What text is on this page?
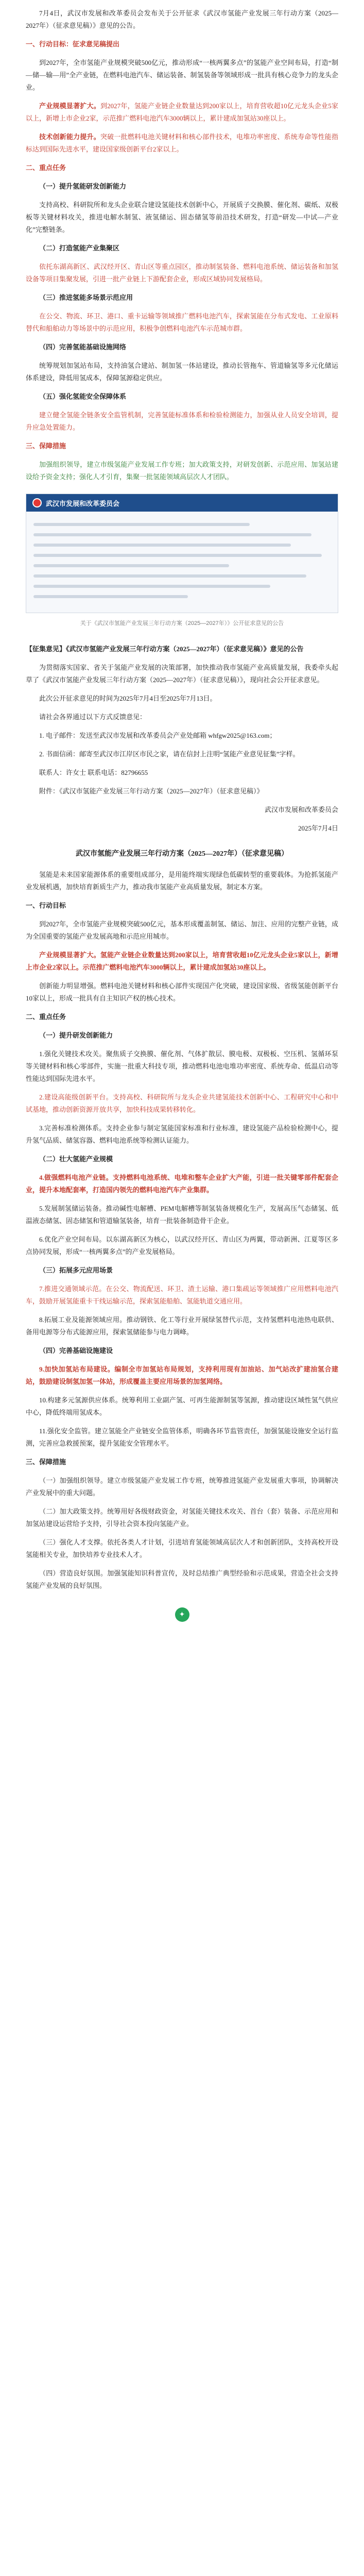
7月4日，武汉市发展和改革委员会发布关于公开征求《武汉市氢能产业发展三年行动方案（2025—2027年）（征求意见稿）》意见的公告。

一、行动目标：征求意见稿提出

到2027年，全市氢能产业规模突破500亿元，推动形成“一核两翼多点”的氢能产业空间布局，打造“制—储—输—用”全产业链，在燃料电池汽车、储运装备、制氢装备等领域形成一批具有核心竞争力的龙头企业。

产业规模显著扩大。到2027年，氢能产业链企业数量达到200家以上，培育营收超10亿元龙头企业5家以上，新增上市企业2家，示范推广燃料电池汽车3000辆以上，累计建成加氢站30座以上。

技术创新能力提升。突破一批燃料电池关键材料和核心部件技术，电堆功率密度、系统寿命等性能指标达到国际先进水平，建设国家级创新平台2家以上。

二、重点任务

（一）提升氢能研发创新能力

支持高校、科研院所和龙头企业联合建设氢能技术创新中心，开展质子交换膜、催化剂、碳纸、双极板等关键材料攻关，推进电解水制氢、液氢储运、固态储氢等前沿技术研发，打造“研发—中试—产业化”完整链条。

（二）打造氢能产业集聚区

依托东湖高新区、武汉经开区、青山区等重点园区，推动制氢装备、燃料电池系统、储运装备和加氢设备等项目集聚发展，引进一批产业链上下游配套企业，形成区域协同发展格局。

（三）推进氢能多场景示范应用

在公交、物流、环卫、港口、重卡运输等领域推广燃料电池汽车，探索氢能在分布式发电、工业原料替代和船舶动力等场景中的示范应用，积极争创燃料电池汽车示范城市群。

（四）完善氢能基础设施网络

统筹规划加氢站布局，支持油氢合建站、制加氢一体站建设，推动长管拖车、管道输氢等多元化储运体系建设，降低用氢成本，保障氢源稳定供应。

（五）强化氢能安全保障体系

建立健全氢能全链条安全监管机制，完善氢能标准体系和检验检测能力，加强从业人员安全培训，提升应急处置能力。

三、保障措施

加强组织领导，建立市级氢能产业发展工作专班；加大政策支持，对研发创新、示范应用、加氢站建设给予资金支持；强化人才引育，集聚一批氢能领域高层次人才团队。

武汉市发展和改革委员会

关于《武汉市氢能产业发展三年行动方案（2025—2027年）》公开征求意见的公告

【征集意见】《武汉市氢能产业发展三年行动方案（2025—2027年）（征求意见稿）》意见的公告

为贯彻落实国家、省关于氢能产业发展的决策部署，加快推动我市氢能产业高质量发展，我委牵头起草了《武汉市氢能产业发展三年行动方案（2025—2027年）（征求意见稿）》，现向社会公开征求意见。

此次公开征求意见的时间为2025年7月4日至2025年7月13日。

请社会各界通过以下方式反馈意见：

1. 电子邮件：发送至武汉市发展和改革委员会产业处邮箱 whfgw2025@163.com；

2. 书面信函：邮寄至武汉市江岸区市民之家，请在信封上注明“氢能产业意见征集”字样。

联系人：许女士 联系电话：82796655

附件：《武汉市氢能产业发展三年行动方案（2025—2027年）（征求意见稿）》

武汉市发展和改革委员会

2025年7月4日

武汉市氢能产业发展三年行动方案（2025—2027年）（征求意见稿）

氢能是未来国家能源体系的重要组成部分，是用能终端实现绿色低碳转型的重要载体。为抢抓氢能产业发展机遇，加快培育新质生产力，推动我市氢能产业高质量发展，制定本方案。

一、行动目标

到2027年，全市氢能产业规模突破500亿元，基本形成覆盖制氢、储运、加注、应用的完整产业链，成为全国重要的氢能产业发展高地和示范应用城市。

产业规模显著扩大。氢能产业链企业数量达到200家以上，培育营收超10亿元龙头企业5家以上，新增上市企业2家以上。示范推广燃料电池汽车3000辆以上，累计建成加氢站30座以上。

创新能力明显增强。燃料电池关键材料和核心部件实现国产化突破，建设国家级、省级氢能创新平台10家以上，形成一批具有自主知识产权的核心技术。

二、重点任务

（一）提升研发创新能力

1.强化关键技术攻关。聚焦质子交换膜、催化剂、气体扩散层、膜电极、双极板、空压机、氢循环泵等关键材料和核心零部件，实施一批重大科技专项，推动燃料电池电堆功率密度、系统寿命、低温启动等性能达到国际先进水平。

2.建设高能级创新平台。支持高校、科研院所与龙头企业共建氢能技术创新中心、工程研究中心和中试基地，推动创新资源开放共享，加快科技成果转移转化。

3.完善标准检测体系。支持企业参与制定氢能国家标准和行业标准，建设氢能产品检验检测中心，提升氢气品质、储氢容器、燃料电池系统等检测认证能力。

（二）壮大氢能产业规模

4.做强燃料电池产业链。支持燃料电池系统、电堆和整车企业扩大产能，引进一批关键零部件配套企业，提升本地配套率，打造国内领先的燃料电池汽车产业集群。

5.发展制氢储运装备。推动碱性电解槽、PEM电解槽等制氢装备规模化生产，发展高压气态储氢、低温液态储氢、固态储氢和管道输氢装备，培育一批装备制造骨干企业。

6.优化产业空间布局。以东湖高新区为核心，以武汉经开区、青山区为两翼，带动新洲、江夏等区多点协同发展，形成“一核两翼多点”的产业发展格局。

（三）拓展多元应用场景

7.推进交通领域示范。在公交、物流配送、环卫、渣土运输、港口集疏运等领域推广应用燃料电池汽车，鼓励开展氢能重卡干线运输示范，探索氢能船舶、氢能轨道交通应用。

8.拓展工业及能源领域应用。推动钢铁、化工等行业开展绿氢替代示范，支持氢燃料电池热电联供、备用电源等分布式能源应用，探索氢储能参与电力调峰。

（四）完善基础设施建设

9.加快加氢站布局建设。编制全市加氢站布局规划，支持利用现有加油站、加气站改扩建油氢合建站，鼓励建设制氢加氢一体站，形成覆盖主要应用场景的加氢网络。

10.构建多元氢源供应体系。统筹利用工业副产氢、可再生能源制氢等氢源，推动建设区域性氢气供应中心，降低终端用氢成本。

11.强化安全监管。建立氢能全产业链安全监管体系，明确各环节监管责任，加强氢能设施安全运行监测，完善应急救援预案，提升氢能安全管理水平。

三、保障措施

（一）加强组织领导。建立市级氢能产业发展工作专班，统筹推进氢能产业发展重大事项，协调解决产业发展中的重大问题。

（二）加大政策支持。统筹用好各级财政资金，对氢能关键技术攻关、首台（套）装备、示范应用和加氢站建设运营给予支持，引导社会资本投向氢能产业。

（三）强化人才支撑。依托各类人才计划，引进培育氢能领域高层次人才和创新团队，支持高校开设氢能相关专业，加快培养专业技术人才。

（四）营造良好氛围。加强氢能知识科普宣传，及时总结推广典型经验和示范成果，营造全社会支持氢能产业发展的良好氛围。

✦
